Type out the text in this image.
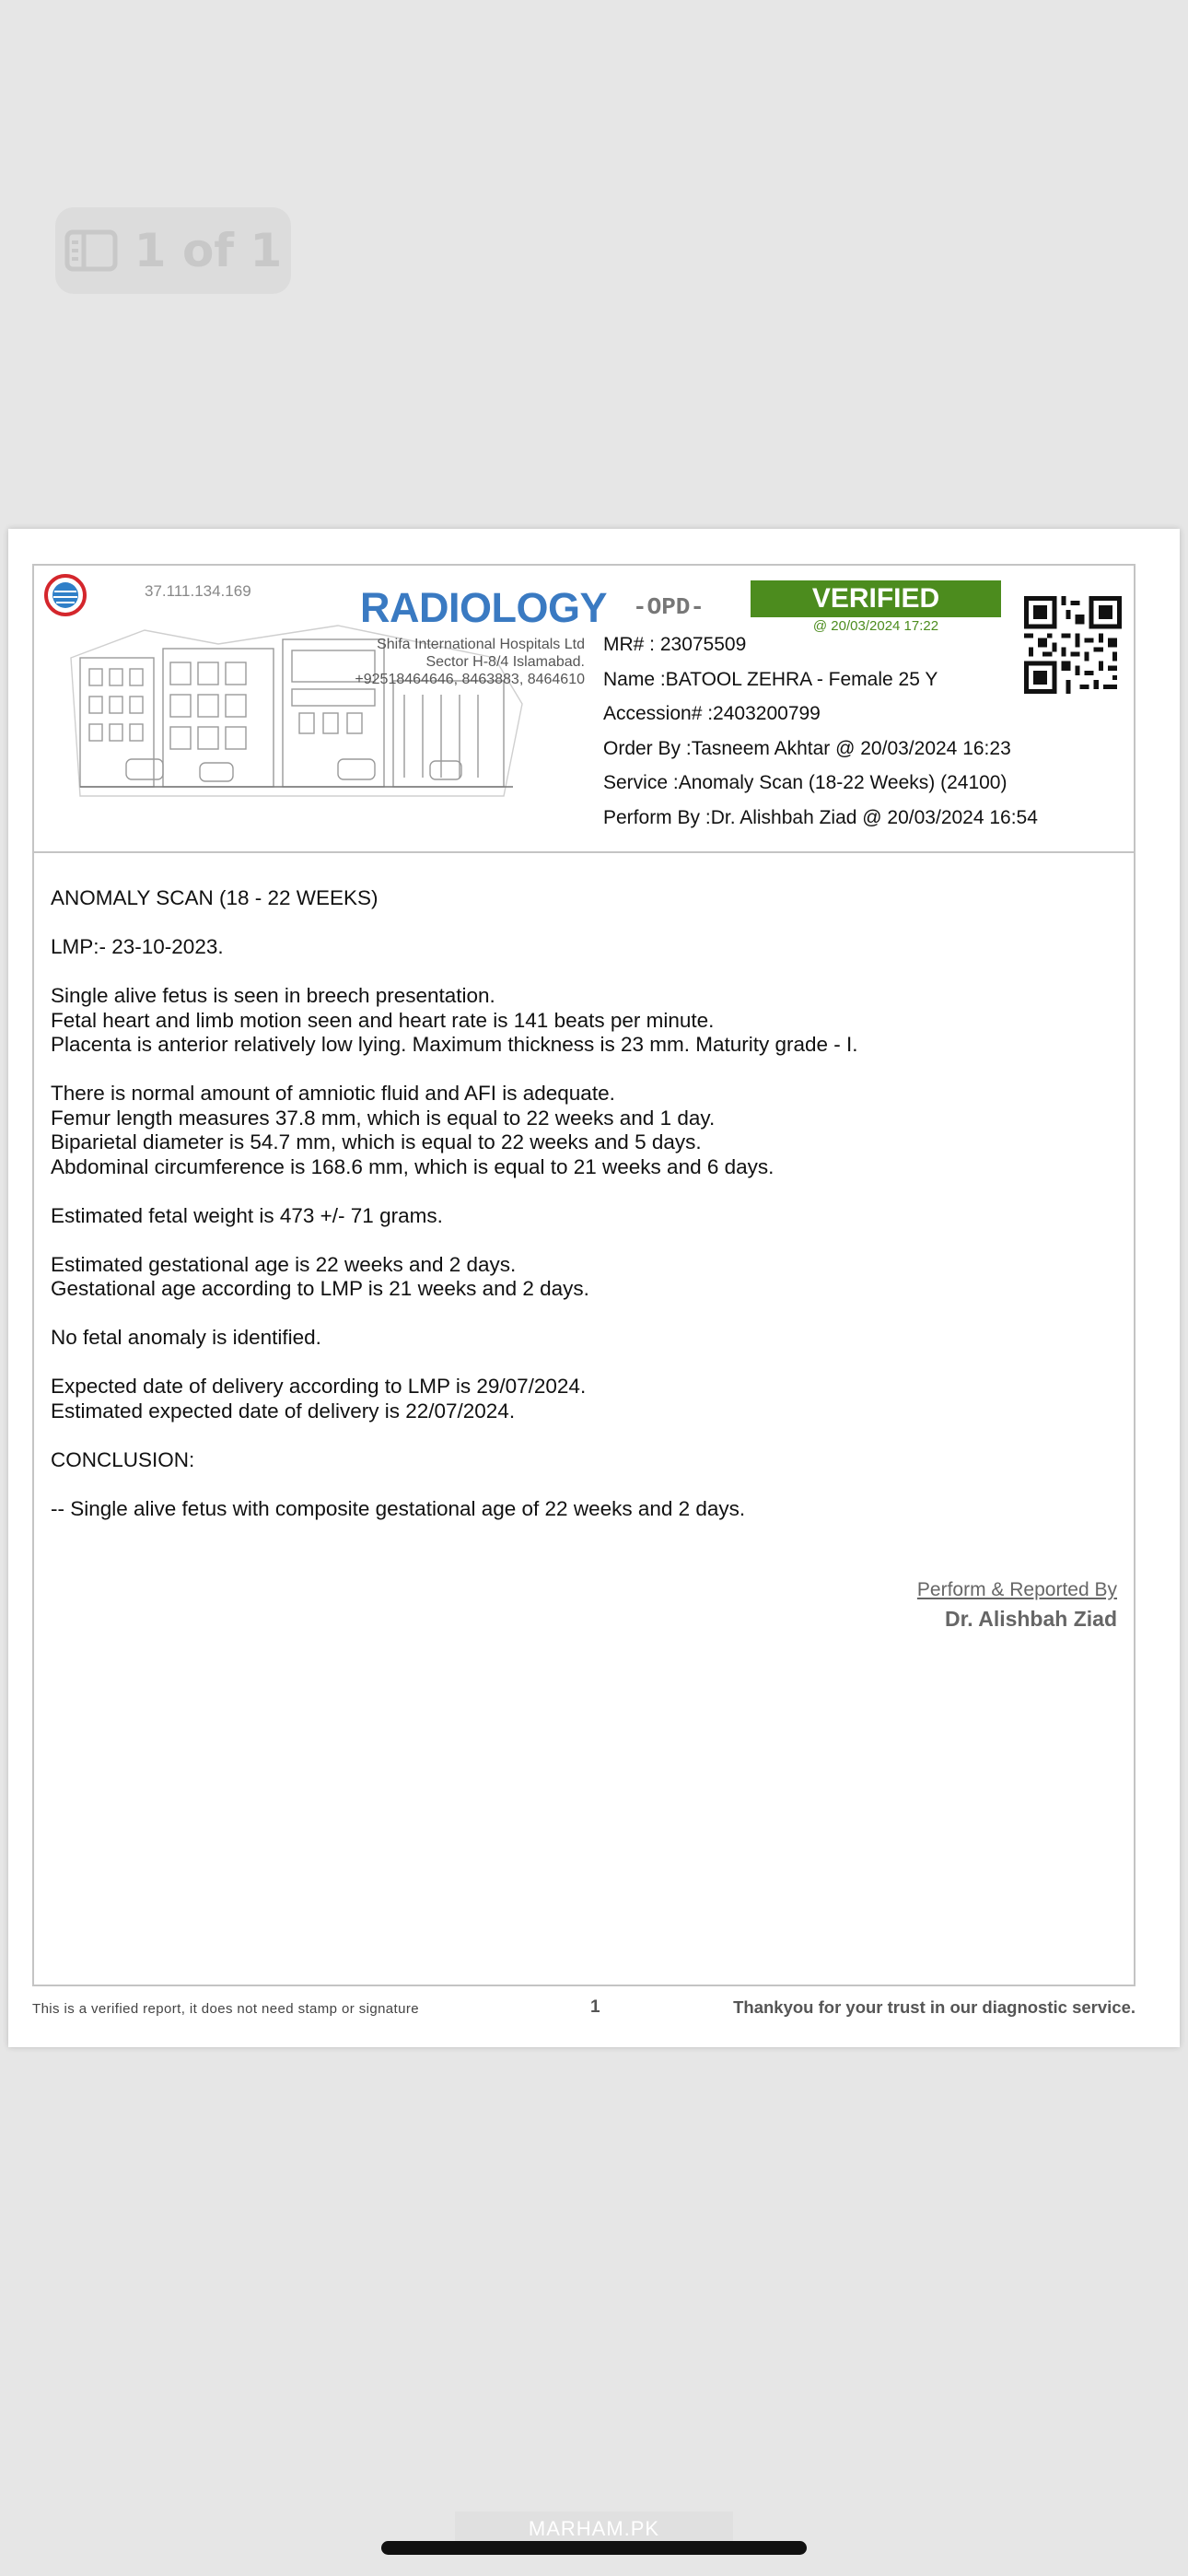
1 of 1
37.111.134.169	RADIOLOGY
Shifa International Hospitals Ltd
Sector H-8/4 Islamabad.
+92518464646, 8463883, 8464610
-OPD-	VERIFIED
@ 20/03/2024 17:22
MR# : 23075509
Name :BATOOL ZEHRA - Female 25 Y
Accession# :2403200799
Order By :Tasneem Akhtar @ 20/03/2024 16:23
Service :Anomaly Scan (18-22 Weeks) (24100)
Perform By :Dr. Alishbah Ziad @ 20/03/2024 16:54

ANOMALY SCAN (18 - 22 WEEKS)

LMP:- 23-10-2023.

Single alive fetus is seen in breech presentation.

Fetal heart and limb motion seen and heart rate is 141 beats per minute.

Placenta is anterior relatively low lying. Maximum thickness is 23 mm. Maturity grade - I.

There is normal amount of amniotic fluid and AFI is adequate.

Femur length measures 37.8 mm, which is equal to 22 weeks and 1 day.

Biparietal diameter is 54.7 mm, which is equal to 22 weeks and 5 days.

Abdominal circumference is 168.6 mm, which is equal to 21 weeks and 6 days.

Estimated fetal weight is 473 +/- 71 grams.

Estimated gestational age is 22 weeks and 2 days.

Gestational age according to LMP is 21 weeks and 2 days.

No fetal anomaly is identified.

Expected date of delivery according to LMP is 29/07/2024.

Estimated expected date of delivery is 22/07/2024.

CONCLUSION:

-- Single alive fetus with composite gestational age of 22 weeks and 2 days.

Perform & Reported By
Dr. Alishbah Ziad
This is a verified report, it does not need stamp or signature	1	Thankyou for your trust in our diagnostic service.
MARHAM.PK
